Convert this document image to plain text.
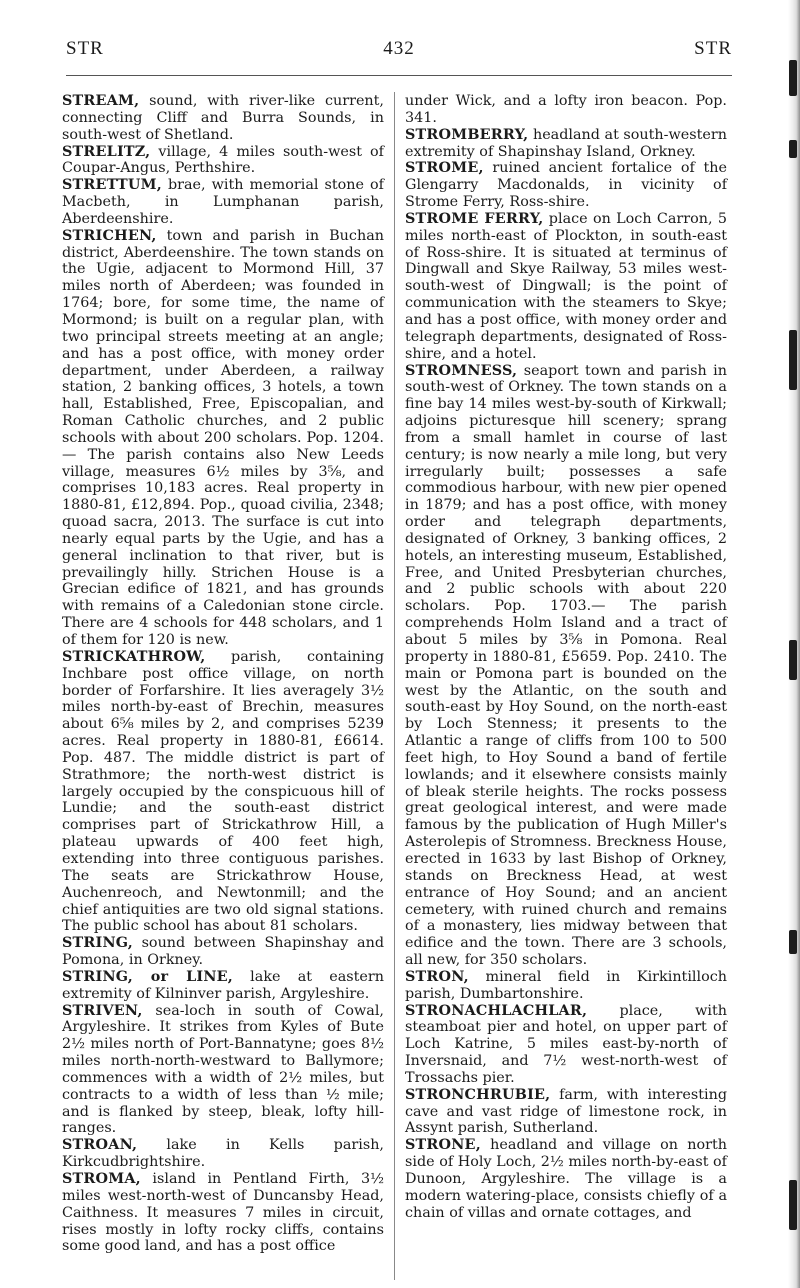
STR	432	STR

STREAM, sound, with river-like current, connecting Cliff and Burra Sounds, in south-west of Shetland.

STRELITZ, village, 4 miles south-west of Coupar-Angus, Perthshire.

STRETTUM, brae, with memorial stone of Macbeth, in Lumphanan parish, Aberdeenshire.

STRICHEN, town and parish in Buchan district, Aberdeenshire. The town stands on the Ugie, adjacent to Mormond Hill, 37 miles north of Aberdeen; was founded in 1764; bore, for some time, the name of Mormond; is built on a regular plan, with two principal streets meeting at an angle; and has a post office, with money order department, under Aberdeen, a railway station, 2 banking offices, 3 hotels, a town hall, Established, Free, Episcopalian, and Roman Catholic churches, and 2 public schools with about 200 scholars. Pop. 1204. — The parish contains also New Leeds village, measures 6½ miles by 3⅝, and comprises 10,183 acres. Real property in 1880-81, £12,894. Pop., quoad civilia, 2348; quoad sacra, 2013. The surface is cut into nearly equal parts by the Ugie, and has a general inclination to that river, but is prevailingly hilly. Strichen House is a Grecian edifice of 1821, and has grounds with remains of a Caledonian stone circle. There are 4 schools for 448 scholars, and 1 of them for 120 is new.

STRICKATHROW, parish, containing Inchbare post office village, on north border of Forfarshire. It lies averagely 3½ miles north-by-east of Brechin, measures about 6⅝ miles by 2, and comprises 5239 acres. Real property in 1880-81, £6614. Pop. 487. The middle district is part of Strathmore; the north-west district is largely occupied by the conspicuous hill of Lundie; and the south-east district comprises part of Strickathrow Hill, a plateau upwards of 400 feet high, extending into three contiguous parishes. The seats are Strickathrow House, Auchenreoch, and Newtonmill; and the chief antiquities are two old signal stations. The public school has about 81 scholars.

STRING, sound between Shapinshay and Pomona, in Orkney.

STRING, or LINE, lake at eastern extremity of Kilninver parish, Argyleshire.

STRIVEN, sea-loch in south of Cowal, Argyleshire. It strikes from Kyles of Bute 2½ miles north of Port-Bannatyne; goes 8½ miles north-north-westward to Ballymore; commences with a width of 2½ miles, but contracts to a width of less than ½ mile; and is flanked by steep, bleak, lofty hill-ranges.

STROAN, lake in Kells parish, Kirkcudbrightshire.

STROMA, island in Pentland Firth, 3½ miles west-north-west of Duncansby Head, Caithness. It measures 7 miles in circuit, rises mostly in lofty rocky cliffs, contains some good land, and has a post office

under Wick, and a lofty iron beacon. Pop. 341.

STROMBERRY, headland at south-western extremity of Shapinshay Island, Orkney.

STROME, ruined ancient fortalice of the Glengarry Macdonalds, in vicinity of Strome Ferry, Ross-shire.

STROME FERRY, place on Loch Carron, 5 miles north-east of Plockton, in south-east of Ross-shire. It is situated at terminus of Dingwall and Skye Railway, 53 miles west-south-west of Dingwall; is the point of communication with the steamers to Skye; and has a post office, with money order and telegraph departments, designated of Ross-shire, and a hotel.

STROMNESS, seaport town and parish in south-west of Orkney. The town stands on a fine bay 14 miles west-by-south of Kirkwall; adjoins picturesque hill scenery; sprang from a small hamlet in course of last century; is now nearly a mile long, but very irregularly built; possesses a safe commodious harbour, with new pier opened in 1879; and has a post office, with money order and telegraph departments, designated of Orkney, 3 banking offices, 2 hotels, an interesting museum, Established, Free, and United Presbyterian churches, and 2 public schools with about 220 scholars. Pop. 1703.— The parish comprehends Holm Island and a tract of about 5 miles by 3⅝ in Pomona. Real property in 1880-81, £5659. Pop. 2410. The main or Pomona part is bounded on the west by the Atlantic, on the south and south-east by Hoy Sound, on the north-east by Loch Stenness; it presents to the Atlantic a range of cliffs from 100 to 500 feet high, to Hoy Sound a band of fertile lowlands; and it elsewhere consists mainly of bleak sterile heights. The rocks possess great geological interest, and were made famous by the publication of Hugh Miller's Asterolepis of Stromness. Breckness House, erected in 1633 by last Bishop of Orkney, stands on Breckness Head, at west entrance of Hoy Sound; and an ancient cemetery, with ruined church and remains of a monastery, lies midway between that edifice and the town. There are 3 schools, all new, for 350 scholars.

STRON, mineral field in Kirkintilloch parish, Dumbartonshire.

STRONACHLACHLAR, place, with steamboat pier and hotel, on upper part of Loch Katrine, 5 miles east-by-north of Inversnaid, and 7½ west-north-west of Trossachs pier.

STRONCHRUBIE, farm, with interesting cave and vast ridge of limestone rock, in Assynt parish, Sutherland.

STRONE, headland and village on north side of Holy Loch, 2½ miles north-by-east of Dunoon, Argyleshire. The village is a modern watering-place, consists chiefly of a chain of villas and ornate cottages, and
